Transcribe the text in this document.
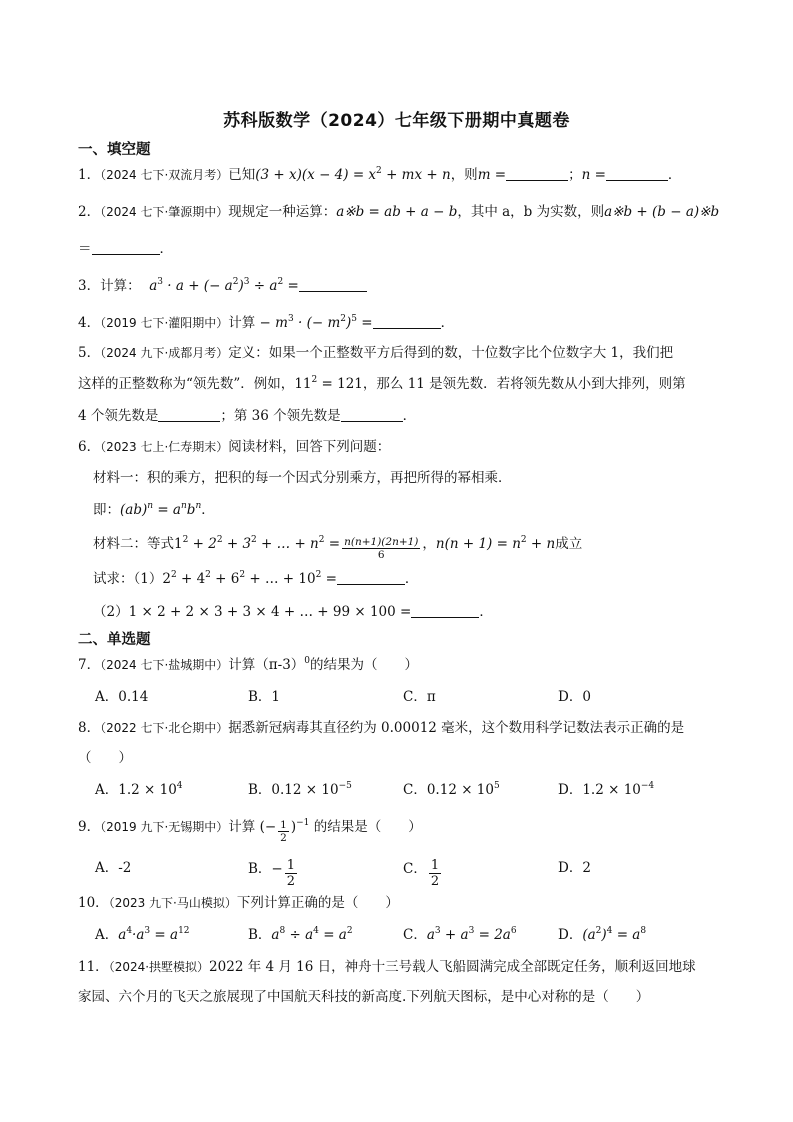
苏科版数学（2024）七年级下册期中真题卷
一、填空题
1．（2024 七下·双流月考）已知$(3 + x)(x - 4) = x^2$ + mx + n，则m =	；n =	．
2．（2024 七下·肇源期中）现规定一种运算：a※b = ab + a − b，其中 a，b 为实数，则a※b + (b − a)※b
＝	．
3．计算： $a^3 \cdot a$ + (− $a^2)^3 \div a^2$ =
4．（2019 七下·灌阳期中）计算 − $m^3$ · (− $m^2)^5$ =	．
5．（2024 九下·成都月考）定义：如果一个正整数平方后得到的数，十位数字比个位数字大 1，我们把
这样的正整数称为“领先数”．例如，$11^2 = 121$，那么 11 是领先数．若将领先数从小到大排列，则第
4 个领先数是	；第 36 个领先数是	．
6．（2023 七上·仁寿期末）阅读材料，回答下列问题：
材料一：积的乘方，把积的每一个因式分别乘方，再把所得的幂相乘．
即：$(ab)^n = a^nb^n$．
材料二：等式$1^2 + 2^2 + 3^2$ + … + $n^2 = \frac{n(n+1)(2n+1)}{6}$ ，$n(n + 1) = n^2 + n$成立
试求：$(1)2^2 + 4^2 + 6^2$ + … + $10^2$ =	．
（2）1 × 2 + 2 × 3 + 3 × 4 + … + 99 × 100 =	．
二、单选题
7．（2024 七下·盐城期中）计算$(\pi-3)^0$的结果为（　　）
A．0.14	B．1	C．π	D．0
8．（2022 七下·北仑期中）据悉新冠病毒其直径约为 0.00012 毫米，这个数用科学记数法表示正确的是
（　　）
A．$1.2 \times 10^4$	B．$0.12 \times 10^{-5}$	C．$0.12 \times 10^5$	D．$1.2 \times 10^{-4}$
9．（2019 九下·无锡期中）计算 (− $\frac{1}{2} )^{-1}$ 的结果是（　　）
A．-2	B．− $\frac{1}{2}$	C． $\frac{1}{2}$	D．2
10．（2023 九下·马山模拟）下列计算正确的是（　　）
A．$a^4\cdot a^3 = a^{12}$	B．$a^8 \div a^4 = a^2$	C．$a^3 + a^3 = 2a^6$	D．$(a^2)^4 = a^8$
11．（2024·拱墅模拟）2022 年 4 月 16 日，神舟十三号载人飞船圆满完成全部既定任务，顺利返回地球
家园、六个月的飞天之旅展现了中国航天科技的新高度.下列航天图标，是中心对称的是（　　）
